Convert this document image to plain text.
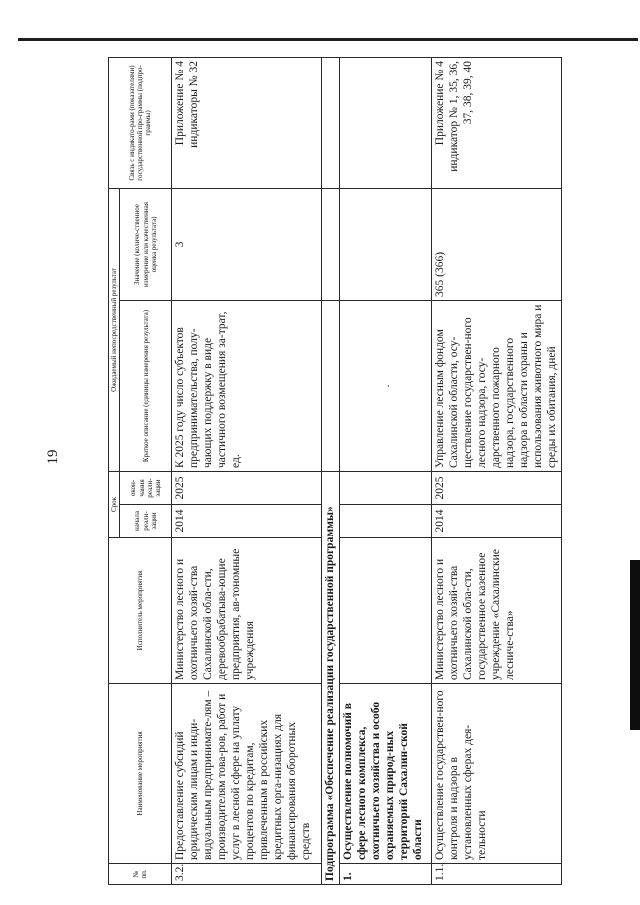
19
№ пп.	Наименование мероприятия	Исполнитель мероприятия	Срок		Ожидаемый непосредственный результат		Связь с индикато-рами (показателями) государственной про-граммы (подпро-граммы)
			начала реали-зации	окон-чания реали-зации	Краткое описание (единицы измерения результата)	Значение (количе-ственное измерение или качественная оценка результата)	
3.2.	Предоставление субсидий юридическим лицам и инди-видуальным предпринимате-лям – производителям това-ров, работ и услуг в лесной сфере на уплату процентов по кредитам, привлеченным в российских кредитных орга-низациях для финансирования оборотных средств	Министерство лесного и охотничьего хозяй-ства Сахалинской обла-сти, деревообрабатыва-ющие предприятия, ав-тономные учреждения	2014	2025	К 2025 году число субъектов предпринимательства, полу-чающих поддержку в виде частичного возмещения за-трат, ед.	3	Приложение № 4 индикаторы № 32
Подпрограмма «Обеспечение реализации государственной программы»							
1.	Осуществление полномочий в сфере лесного комплекса, охотничьего хозяйства и особо охраняемых природ-ных территорий Сахалин-ской области				.		

1.1.	Осуществление государствен-ного контроля и надзора в установленных сферах дея-тельности	Министерство лесного и охотничьего хозяй-ства Сахалинской обла-сти, государственное казенное учреждение «Сахалинские лесниче-ства»	2014	2025	Управление лесным фондом Сахалинской области, осу-ществление государствен-ного лесного надзора, госу-дарственного пожарного надзора, государственного надзора в области охраны и использования животного мира и среды их обитания, дней	365 (366)	Приложение № 4 индикатор № 1, 35, 36, 37, 38, 39, 40
